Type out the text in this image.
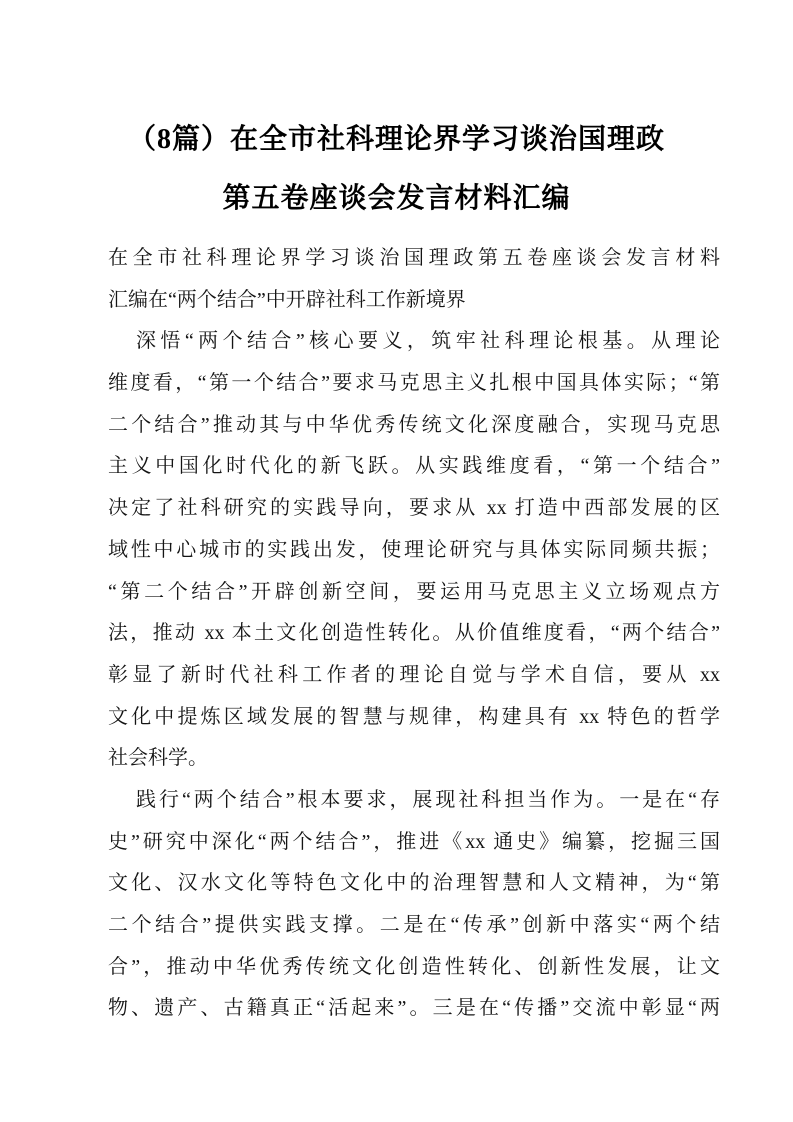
（8篇）在全市社科理论界学习谈治国理政
第五卷座谈会发言材料汇编
在全市社科理论界学习谈治国理政第五卷座谈会发言材料
汇编在“两个结合”中开辟社科工作新境界
深悟“两个结合”核心要义，筑牢社科理论根基。从理论
维度看，“第一个结合”要求马克思主义扎根中国具体实际；“第
二个结合”推动其与中华优秀传统文化深度融合，实现马克思
主义中国化时代化的新飞跃。从实践维度看，“第一个结合”
决定了社科研究的实践导向，要求从 xx 打造中西部发展的区
域性中心城市的实践出发，使理论研究与具体实际同频共振；
“第二个结合”开辟创新空间，要运用马克思主义立场观点方
法，推动 xx 本土文化创造性转化。从价值维度看，“两个结合”
彰显了新时代社科工作者的理论自觉与学术自信，要从 xx
文化中提炼区域发展的智慧与规律，构建具有 xx 特色的哲学
社会科学。
践行“两个结合”根本要求，展现社科担当作为。一是在“存
史”研究中深化“两个结合”，推进《xx 通史》编纂，挖掘三国
文化、汉水文化等特色文化中的治理智慧和人文精神，为“第
二个结合”提供实践支撑。二是在“传承”创新中落实“两个结
合”，推动中华优秀传统文化创造性转化、创新性发展，让文
物、遗产、古籍真正“活起来”。三是在“传播”交流中彰显“两
